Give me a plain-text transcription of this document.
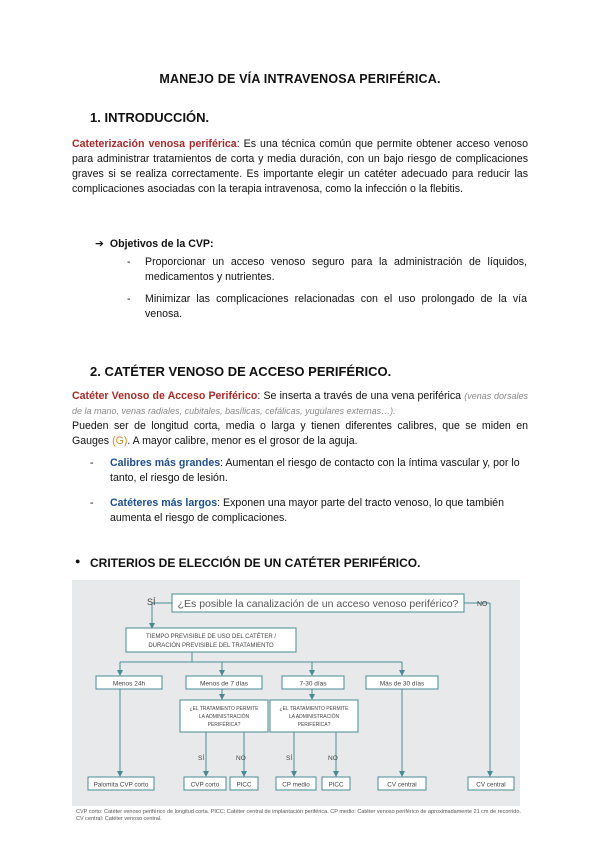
MANEJO DE VÍA INTRAVENOSA PERIFÉRICA.
1. INTRODUCCIÓN.

Cateterización venosa periférica: Es una técnica común que permite obtener acceso venoso para administrar tratamientos de corta y media duración, con un bajo riesgo de complicaciones graves si se realiza correctamente. Es importante elegir un catéter adecuado para reducir las complicaciones asociadas con la terapia intravenosa, como la infección o la flebitis.

➔ Objetivos de la CVP:

- Proporcionar un acceso venoso seguro para la administración de líquidos, medicamentos y nutrientes.

- Minimizar las complicaciones relacionadas con el uso prolongado de la vía venosa.

2. CATÉTER VENOSO DE ACCESO PERIFÉRICO.

Catéter Venoso de Acceso Periférico: Se inserta a través de una vena periférica (venas dorsales de la mano, venas radiales, cubitales, basílicas, cefálicas, yugulares externas…).
Pueden ser de longitud corta, media o larga y tienen diferentes calibres, que se miden en Gauges (G). A mayor calibre, menor es el grosor de la aguja.

- Calibres más grandes: Aumentan el riesgo de contacto con la íntima vascular y, por lo tanto, el riesgo de lesión.

- Catéteres más largos: Exponen una mayor parte del tracto venoso, lo que también aumenta el riesgo de complicaciones.

● CRITERIOS DE ELECCIÓN DE UN CATÉTER PERIFÉRICO.

SÍ	NO
¿Es posible la canalización de un acceso venoso periférico?
TIEMPO PREVISIBLE DE USO DEL CATÉTER /
DURACIÓN PREVISIBLE DEL TRATAMIENTO
Menos 24h	Menos de 7 días	7-30 días	Más de 30 días
¿EL TRATAMIENTO PERMITE
LA ADMINISTRACIÓN
PERIFÉRICA?
¿EL TRATAMIENTO PERMITE
LA ADMINISTRACIÓN
PERIFÉRICA?
SÍ	NO	SÍ	NO
Palomita CVP corto	CVP corto	PICC	CP medio	PICC	CV central	CV central

CVP corto: Catéter venoso periférico de longitud corta. PICC: Catéter central de implantación periférica. CP medio: Catéter venoso periférico de aproximadamente 21 cm de recorrido. CV central: Catéter venoso central.
